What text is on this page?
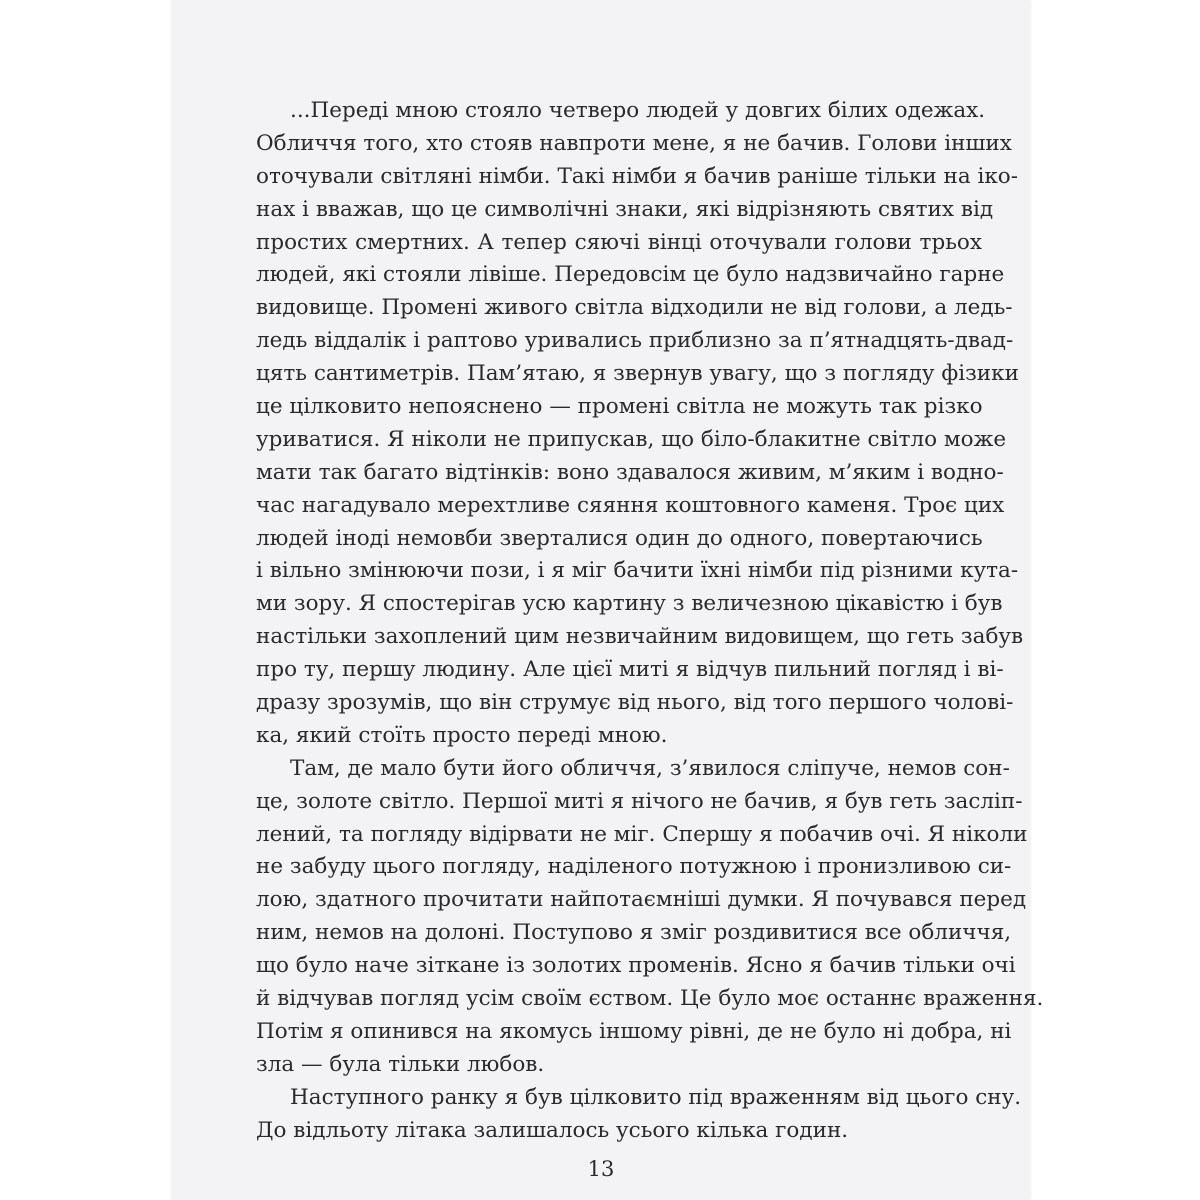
...Переді мною стояло четверо людей у довгих білих одежах.
Обличчя того, хто стояв навпроти мене, я не бачив. Голови інших
оточували світляні німби. Такі німби я бачив раніше тільки на іко-
нах і вважав, що це символічні знаки, які відрізняють святих від
простих смертних. А тепер сяючі вінці оточували голови трьох
людей, які стояли лівіше. Передовсім це було надзвичайно гарне
видовище. Промені живого світла відходили не від голови, а ледь-
ледь віддалік і раптово уривались приблизно за п’ятнадцять-двад-
цять сантиметрів. Пам’ятаю, я звернув увагу, що з погляду фізики
це цілковито непояснено — промені світла не можуть так різко
уриватися. Я ніколи не припускав, що біло-блакитне світло може
мати так багато відтінків: воно здавалося живим, м’яким і водно-
час нагадувало мерехтливе сяяння коштовного каменя. Троє цих
людей іноді немовби зверталися один до одного, повертаючись
і вільно змінюючи пози, і я міг бачити їхні німби під різними кута-
ми зору. Я спостерігав усю картину з величезною цікавістю і був
настільки захоплений цим незвичайним видовищем, що геть забув
про ту, першу людину. Але цієї миті я відчув пильний погляд і ві-
дразу зрозумів, що він струмує від нього, від того першого чолові-
ка, який стоїть просто переді мною.
Там, де мало бути його обличчя, з’явилося сліпуче, немов сон-
це, золоте світло. Першої миті я нічого не бачив, я був геть засліп-
лений, та погляду відірвати не міг. Спершу я побачив очі. Я ніколи
не забуду цього погляду, наділеного потужною і пронизливою си-
лою, здатного прочитати найпотаємніші думки. Я почувався перед
ним, немов на долоні. Поступово я зміг роздивитися все обличчя,
що було наче зіткане із золотих променів. Ясно я бачив тільки очі
й відчував погляд усім своїм єством. Це було моє останнє враження.
Потім я опинився на якомусь іншому рівні, де не було ні добра, ні
зла — була тільки любов.
Наступного ранку я був цілковито під враженням від цього сну.
До відльоту літака залишалось усього кілька годин.
13
